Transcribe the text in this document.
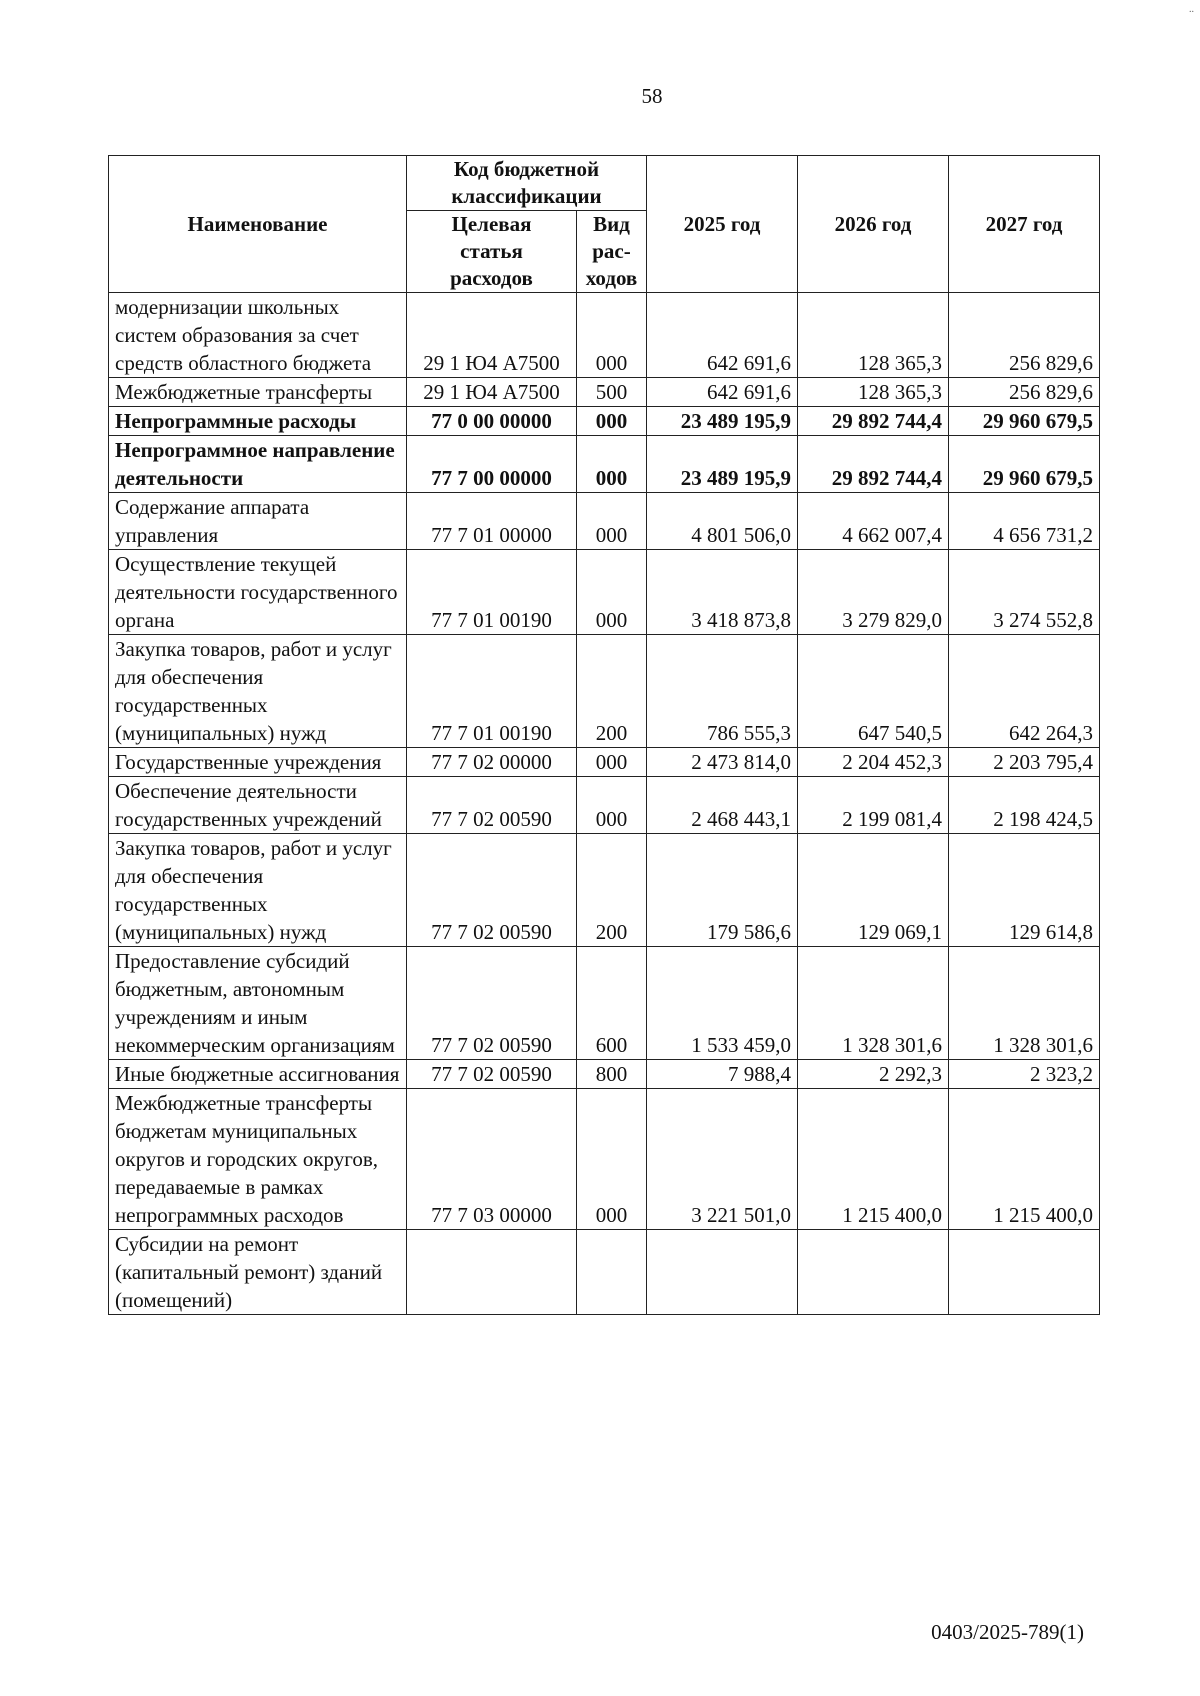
..
58
Наименование	Код бюджетной классификации		2025 год	2026 год	2027 год
	Целевая статья расходов	Вид рас-ходов			
модернизации школьных систем образования за счет средств областного бюджета	29 1 Ю4 А7500	000	642 691,6	128 365,3	256 829,6
Межбюджетные трансферты	29 1 Ю4 А7500	500	642 691,6	128 365,3	256 829,6
Непрограммные расходы	77 0 00 00000	000	23 489 195,9	29 892 744,4	29 960 679,5
Непрограммное направление деятельности	77 7 00 00000	000	23 489 195,9	29 892 744,4	29 960 679,5
Содержание аппарата управления	77 7 01 00000	000	4 801 506,0	4 662 007,4	4 656 731,2
Осуществление текущей деятельности государственного органа	77 7 01 00190	000	3 418 873,8	3 279 829,0	3 274 552,8
Закупка товаров, работ и услуг для обеспечения государственных (муниципальных) нужд	77 7 01 00190	200	786 555,3	647 540,5	642 264,3
Государственные учреждения	77 7 02 00000	000	2 473 814,0	2 204 452,3	2 203 795,4
Обеспечение деятельности государственных учреждений	77 7 02 00590	000	2 468 443,1	2 199 081,4	2 198 424,5
Закупка товаров, работ и услуг для обеспечения государственных (муниципальных) нужд	77 7 02 00590	200	179 586,6	129 069,1	129 614,8
Предоставление субсидий бюджетным, автономным учреждениям и иным некоммерческим организациям	77 7 02 00590	600	1 533 459,0	1 328 301,6	1 328 301,6
Иные бюджетные ассигнования	77 7 02 00590	800	7 988,4	2 292,3	2 323,2
Межбюджетные трансферты бюджетам муниципальных округов и городских округов, передаваемые в рамках непрограммных расходов	77 7 03 00000	000	3 221 501,0	1 215 400,0	1 215 400,0
Субсидии на ремонт (капитальный ремонт) зданий (помещений)					
0403/2025-789(1)
